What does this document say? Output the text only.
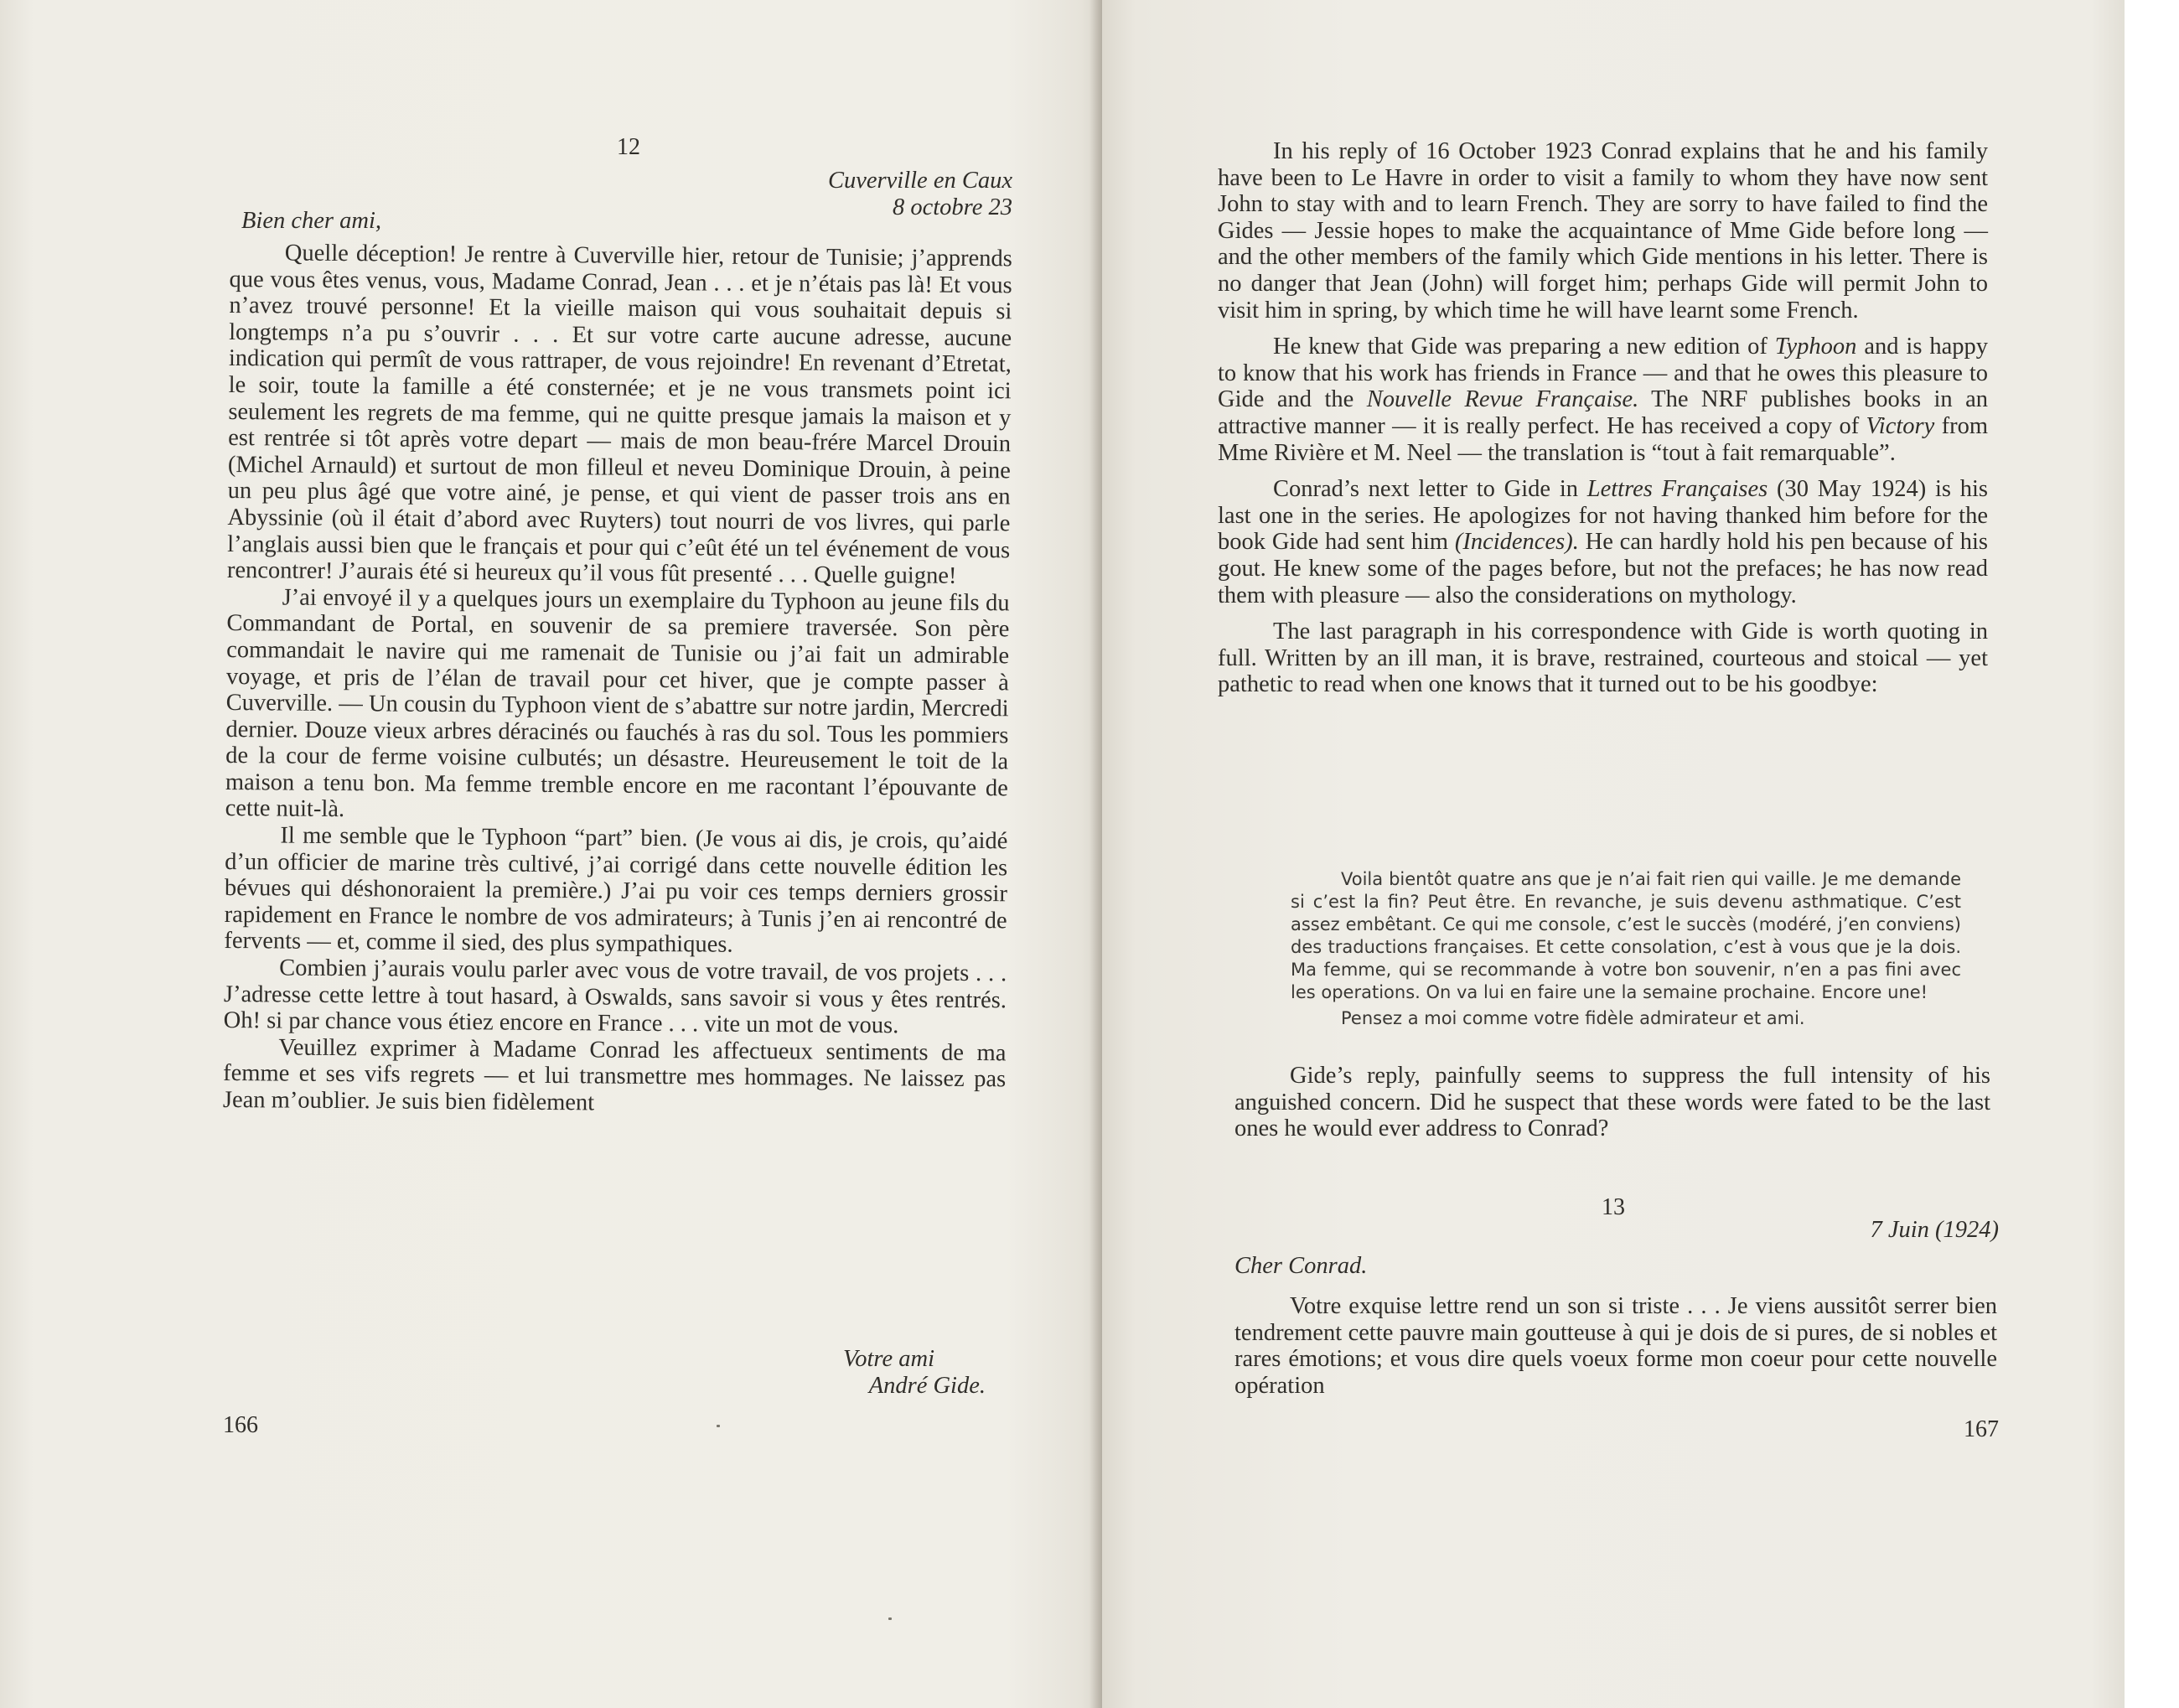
12
Cuverville en Caux
8 octobre 23
Bien cher ami,

Quelle déception! Je rentre à Cuverville hier, retour de Tunisie; j’apprends que vous êtes venus, vous, Madame Conrad, Jean . . . et je n’étais pas là! Et vous n’avez trouvé personne! Et la vieille maison qui vous souhaitait depuis si longtemps n’a pu s’ouvrir . . . Et sur votre carte aucune adresse, aucune indication qui permît de vous rattraper, de vous rejoindre! En revenant d’Etretat, le soir, toute la famille a été consternée; et je ne vous transmets point ici seulement les regrets de ma femme, qui ne quitte presque jamais la maison et y est rentrée si tôt après votre depart — mais de mon beau-frére Marcel Drouin (Michel Arnauld) et surtout de mon filleul et neveu Dominique Drouin, à peine un peu plus âgé que votre ainé, je pense, et qui vient de passer trois ans en Abyssinie (où il était d’abord avec Ruyters) tout nourri de vos livres, qui parle l’anglais aussi bien que le français et pour qui c’eût été un tel événement de vous rencontrer! J’aurais été si heureux qu’il vous fût presenté . . . Quelle guigne!

J’ai envoyé il y a quelques jours un exemplaire du Typhoon au jeune fils du Commandant de Portal, en souvenir de sa premiere traversée. Son père commandait le navire qui me ramenait de Tunisie ou j’ai fait un admirable voyage, et pris de l’élan de travail pour cet hiver, que je compte passer à Cuverville. — Un cousin du Typhoon vient de s’abattre sur notre jardin, Mercredi dernier. Douze vieux arbres déracinés ou fauchés à ras du sol. Tous les pommiers de la cour de ferme voisine culbutés; un désastre. Heureusement le toit de la maison a tenu bon. Ma femme tremble encore en me racontant l’épouvante de cette nuit-là.

Il me semble que le Typhoon “part” bien. (Je vous ai dis, je crois, qu’aidé d’un officier de marine très cultivé, j’ai corrigé dans cette nouvelle édition les bévues qui déshonoraient la première.) J’ai pu voir ces temps derniers grossir rapidement en France le nombre de vos admirateurs; à Tunis j’en ai rencontré de fervents — et, comme il sied, des plus sympathiques.

Combien j’aurais voulu parler avec vous de votre travail, de vos projets . . . J’adresse cette lettre à tout hasard, à Oswalds, sans savoir si vous y êtes rentrés. Oh! si par chance vous étiez encore en France . . . vite un mot de vous.

Veuillez exprimer à Madame Conrad les affectueux sentiments de ma femme et ses vifs regrets — et lui transmettre mes hommages. Ne laissez pas Jean m’oublier. Je suis bien fidèlement

Votre ami
André Gide.
166

In his reply of 16 October 1923 Conrad explains that he and his family have been to Le Havre in order to visit a family to whom they have now sent John to stay with and to learn French. They are sorry to have failed to find the Gides — Jessie hopes to make the acquaintance of Mme Gide before long — and the other members of the family which Gide mentions in his letter. There is no danger that Jean (John) will forget him; perhaps Gide will permit John to visit him in spring, by which time he will have learnt some French.

He knew that Gide was preparing a new edition of Typhoon and is happy to know that his work has friends in France — and that he owes this pleasure to Gide and the Nouvelle Revue Française. The NRF publishes books in an attractive manner — it is really perfect. He has received a copy of Victory from Mme Rivière et M. Neel — the translation is “tout à fait remarquable”.

Conrad’s next letter to Gide in Lettres Françaises (30 May 1924) is his last one in the series. He apologizes for not having thanked him before for the book Gide had sent him (Incidences). He can hardly hold his pen because of his gout. He knew some of the pages before, but not the prefaces; he has now read them with pleasure — also the considerations on mythology.

The last paragraph in his correspondence with Gide is worth quoting in full. Written by an ill man, it is brave, restrained, courteous and stoical — yet pathetic to read when one knows that it turned out to be his goodbye:

Voila bientôt quatre ans que je n’ai fait rien qui vaille. Je me demande si c’est la fin? Peut être. En revanche, je suis devenu asthmatique. C’est assez embêtant. Ce qui me console, c’est le succès (modéré, j’en conviens) des traductions françaises. Et cette consolation, c’est à vous que je la dois. Ma femme, qui se recommande à votre bon souvenir, n’en a pas fini avec les operations. On va lui en faire une la semaine prochaine. Encore une!

Pensez a moi comme votre fidèle admirateur et ami.

Gide’s reply, painfully seems to suppress the full intensity of his anguished concern. Did he suspect that these words were fated to be the last ones he would ever address to Conrad?

13
7 Juin (1924)
Cher Conrad.

Votre exquise lettre rend un son si triste . . . Je viens aussitôt serrer bien tendrement cette pauvre main goutteuse à qui je dois de si pures, de si nobles et rares émotions; et vous dire quels voeux forme mon coeur pour cette nouvelle opération

167
